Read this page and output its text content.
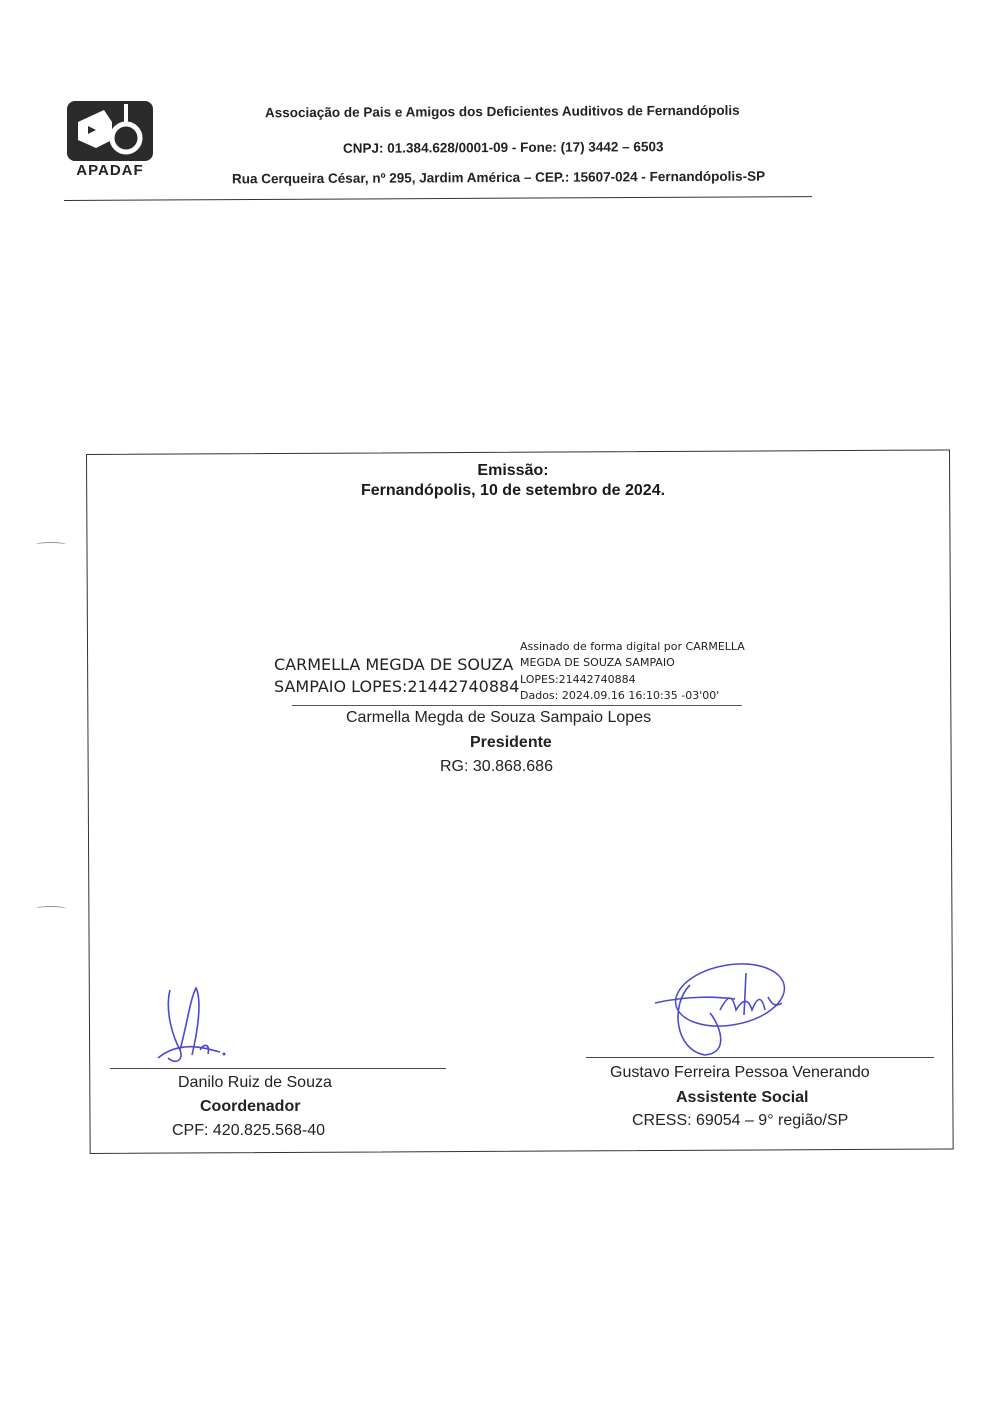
APADAF
Associação de Pais e Amigos dos Deficientes Auditivos de Fernandópolis
CNPJ: 01.384.628/0001-09 - Fone: (17) 3442 – 6503
Rua Cerqueira César, nº 295, Jardim América – CEP.: 15607-024 - Fernandópolis-SP
Emissão:
Fernandópolis, 10 de setembro de 2024.
CARMELLA MEGDA DE SOUZA
SAMPAIO LOPES:21442740884
Assinado de forma digital por CARMELLA
MEGDA DE SOUZA SAMPAIO
LOPES:21442740884
Dados: 2024.09.16 16:10:35 -03'00'
Carmella Megda de Souza Sampaio Lopes
Presidente
RG: 30.868.686
Danilo Ruiz de Souza
Coordenador
CPF: 420.825.568-40
Gustavo Ferreira Pessoa Venerando
Assistente Social
CRESS: 69054 – 9° região/SP
